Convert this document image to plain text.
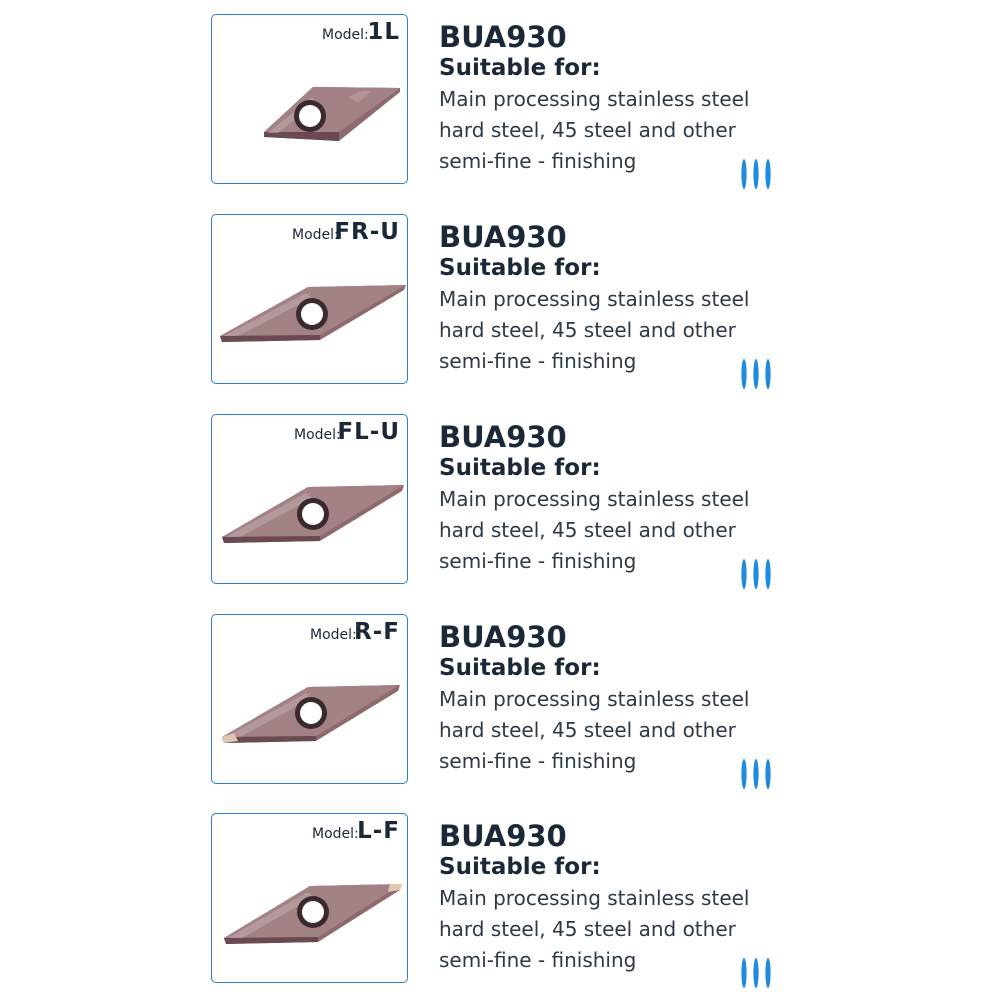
Model:
1L BUA930
Suitable for:
Main processing stainless steel
hard steel, 45 steel and other
semi-fine - finishing
Model:
FR-U BUA930
Suitable for:
Main processing stainless steel
hard steel, 45 steel and other
semi-fine - finishing
Model:
FL-U BUA930
Suitable for:
Main processing stainless steel
hard steel, 45 steel and other
semi-fine - finishing
Model:
R-F BUA930
Suitable for:
Main processing stainless steel
hard steel, 45 steel and other
semi-fine - finishing
Model:
L-F BUA930
Suitable for:
Main processing stainless steel
hard steel, 45 steel and other
semi-fine - finishing
